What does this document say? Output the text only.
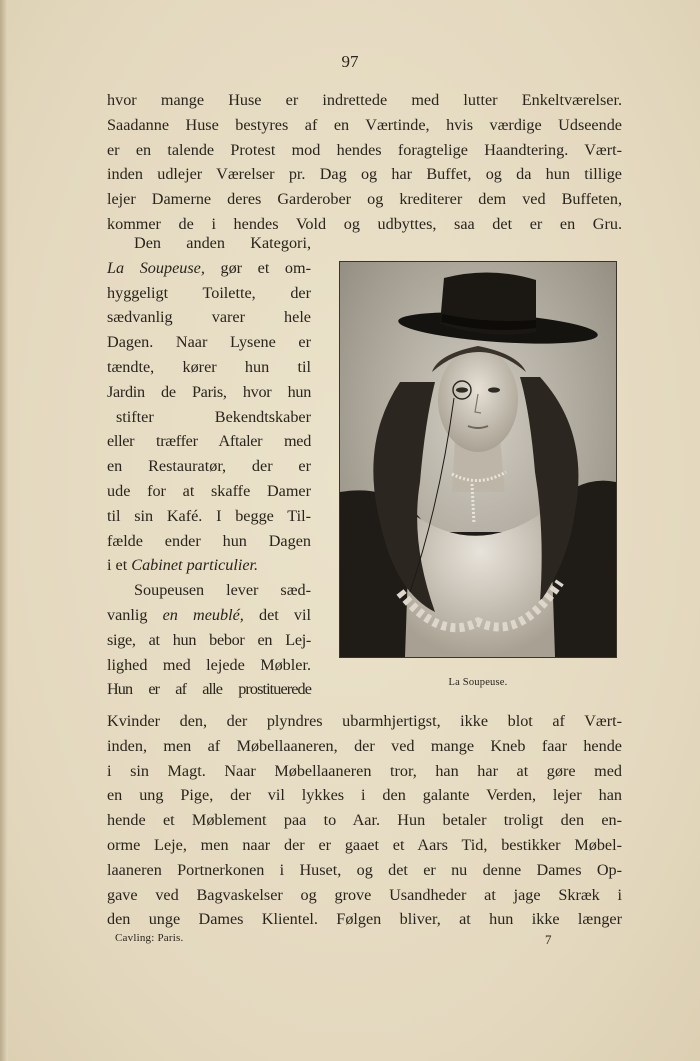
97
hvor mange Huse er indrettede med lutter Enkeltværelser.
Saadanne Huse bestyres af en Værtinde, hvis værdige Udseende
er en talende Protest mod hendes foragtelige Haandtering. Vært-
inden udlejer Værelser pr. Dag og har Buffet, og da hun tillige
lejer Damerne deres Garderober og krediterer dem ved Buffeten,
kommer de i hendes Vold og udbyttes, saa det er en Gru.
Den anden Kategori,
La Soupeuse, gør et om-
hyggeligt Toilette, der
sædvanlig varer hele
Dagen. Naar Lysene er
tændte, kører hun til
Jardin de Paris, hvor hun
stifter Bekendtskaber
eller træffer Aftaler med
en Restauratør, der er
ude for at skaffe Damer
til sin Kafé. I begge Til-
fælde ender hun Dagen
i et Cabinet particulier.
Soupeusen lever sæd-
vanlig en meublé, det vil
sige, at hun bebor en Lej-
lighed med lejede Møbler.
Hun er af alle prostituerede	La Soupeuse.
Kvinder den, der plyndres ubarmhjertigst, ikke blot af Vært-
inden, men af Møbellaaneren, der ved mange Kneb faar hende
i sin Magt. Naar Møbellaaneren tror, han har at gøre med
en ung Pige, der vil lykkes i den galante Verden, lejer han
hende et Møblement paa to Aar. Hun betaler troligt den en-
orme Leje, men naar der er gaaet et Aars Tid, bestikker Møbel-
laaneren Portnerkonen i Huset, og det er nu denne Dames Op-
gave ved Bagvaskelser og grove Usandheder at jage Skræk i
den unge Dames Klientel. Følgen bliver, at hun ikke længer
Cavling: Paris.	7
